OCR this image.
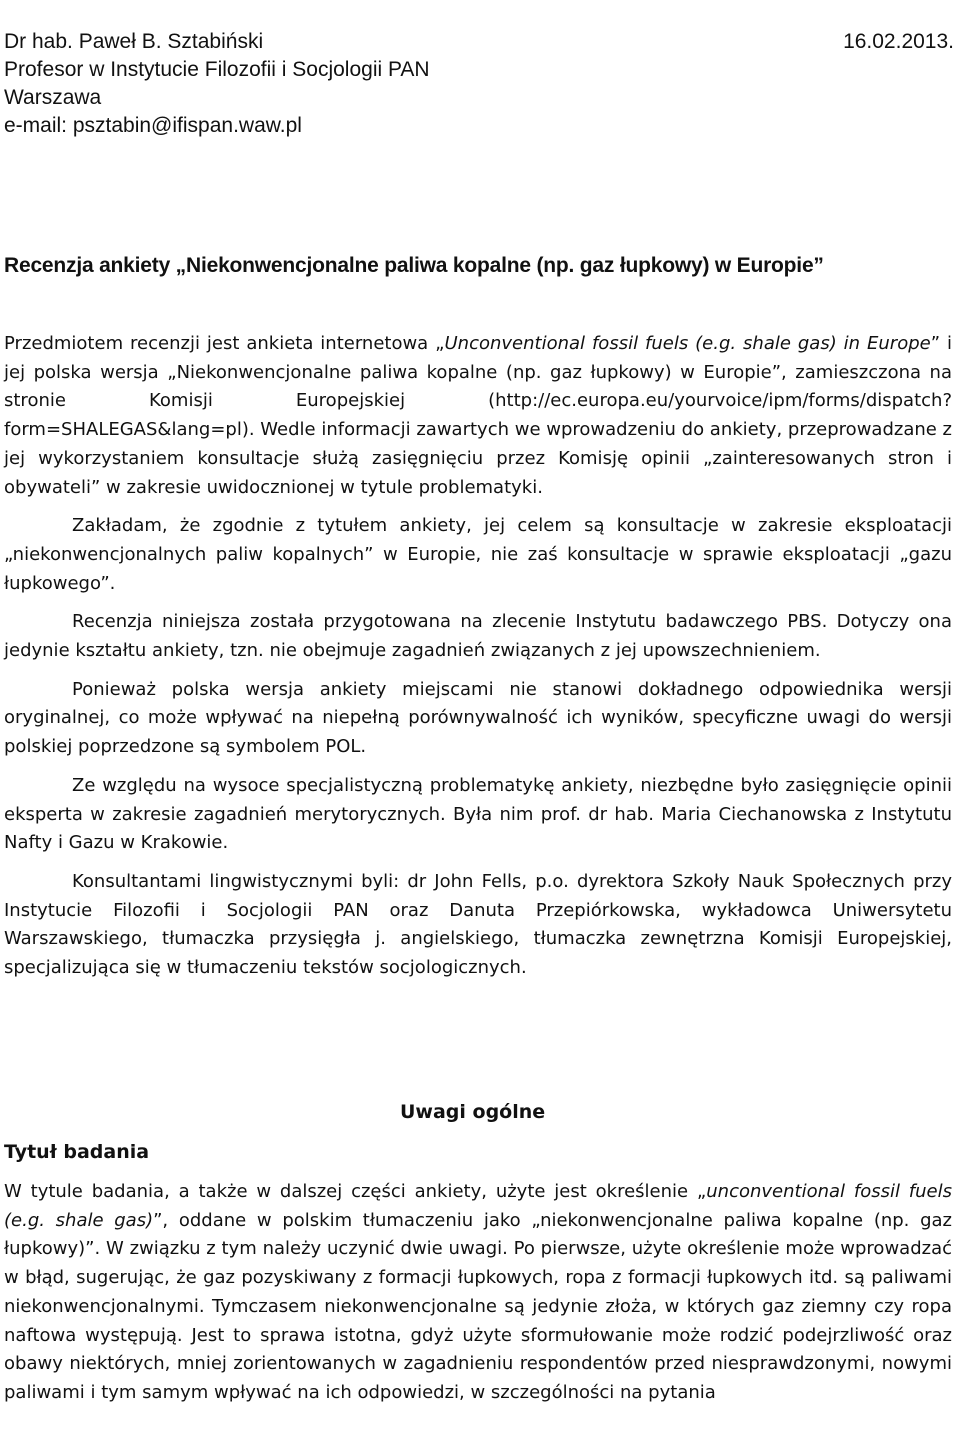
Dr hab. Paweł B. Sztabiński
Profesor w Instytucie Filozofii i Socjologii PAN
Warszawa
e-mail: psztabin@ifispan.waw.pl
16.02.2013.
Recenzja ankiety „Niekonwencjonalne paliwa kopalne (np. gaz łupkowy) w Europie”

Przedmiotem recenzji jest ankieta internetowa „Unconventional fossil fuels (e.g. shale gas) in Europe” i jej polska wersja „Niekonwencjonalne paliwa kopalne (np. gaz łupkowy) w Europie”, zamieszczona na stronie Komisji Europejskiej (http://ec.europa.eu/yourvoice/ipm/forms/dispatch?form=SHALEGAS&lang=pl). Wedle informacji zawartych we wprowadzeniu do ankiety, przeprowadzane z jej wykorzystaniem konsultacje służą zasięgnięciu przez Komisję opinii „zainteresowanych stron i obywateli” w zakresie uwidocznionej w tytule problematyki.

Zakładam, że zgodnie z tytułem ankiety, jej celem są konsultacje w zakresie eksploatacji „niekonwencjonalnych paliw kopalnych” w Europie, nie zaś konsultacje w sprawie eksploatacji „gazu łupkowego”.

Recenzja niniejsza została przygotowana na zlecenie Instytutu badawczego PBS. Dotyczy ona jedynie kształtu ankiety, tzn. nie obejmuje zagadnień związanych z jej upowszechnieniem.

Ponieważ polska wersja ankiety miejscami nie stanowi dokładnego odpowiednika wersji oryginalnej, co może wpływać na niepełną porównywalność ich wyników, specyficzne uwagi do wersji polskiej poprzedzone są symbolem POL.

Ze względu na wysoce specjalistyczną problematykę ankiety, niezbędne było zasięgnięcie opinii eksperta w zakresie zagadnień merytorycznych. Była nim prof. dr hab. Maria Ciechanowska z Instytutu Nafty i Gazu w Krakowie.

Konsultantami lingwistycznymi byli: dr John Fells, p.o. dyrektora Szkoły Nauk Społecznych przy Instytucie Filozofii i Socjologii PAN oraz Danuta Przepiórkowska, wykładowca Uniwersytetu Warszawskiego, tłumaczka przysięgła j. angielskiego, tłumaczka zewnętrzna Komisji Europejskiej, specjalizująca się w tłumaczeniu tekstów socjologicznych.

Uwagi ogólne
Tytuł badania

W tytule badania, a także w dalszej części ankiety, użyte jest określenie „unconventional fossil fuels (e.g. shale gas)”, oddane w polskim tłumaczeniu jako „niekonwencjonalne paliwa kopalne (np. gaz łupkowy)”. W związku z tym należy uczynić dwie uwagi. Po pierwsze, użyte określenie może wprowadzać w błąd, sugerując, że gaz pozyskiwany z formacji łupkowych, ropa z formacji łupkowych itd. są paliwami niekonwencjonalnymi. Tymczasem niekonwencjonalne są jedynie złoża, w których gaz ziemny czy ropa naftowa występują. Jest to sprawa istotna, gdyż użyte sformułowanie może rodzić podejrzliwość oraz obawy niektórych, mniej zorientowanych w zagadnieniu respondentów przed niesprawdzonymi, nowymi paliwami i tym samym wpływać na ich odpowiedzi, w szczególności na pytania
